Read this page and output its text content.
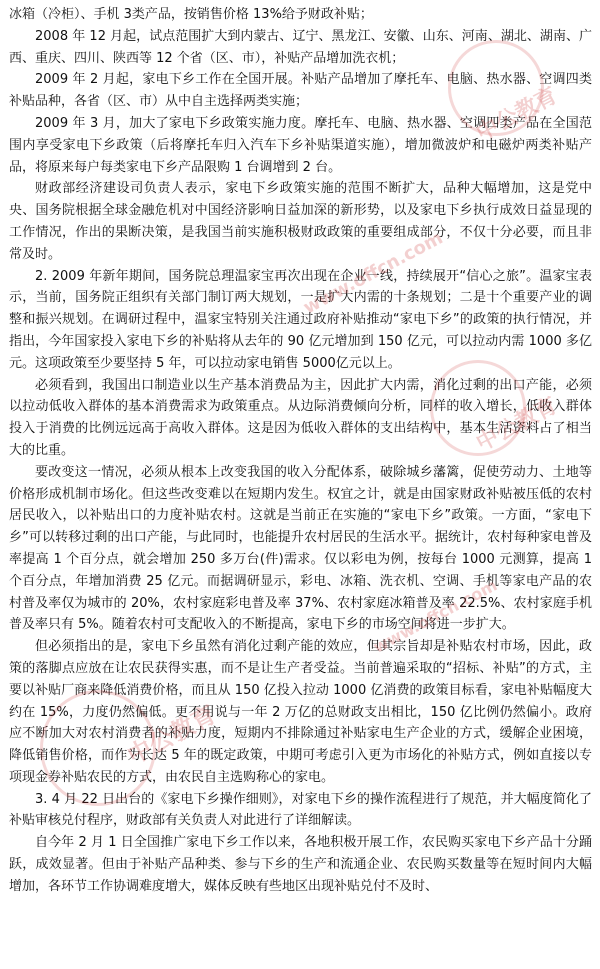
冰箱（冷柜）、手机 3类产品，按销售价格 13%给予财政补贴；

2008 年 12 月起，试点范围扩大到内蒙古、辽宁、黑龙江、安徽、山东、河南、湖北、湖南、广西、重庆、四川、陕西等 12 个省（区、市），补贴产品增加洗衣机；

2009 年 2 月起，家电下乡工作在全国开展。补贴产品增加了摩托车、电脑、热水器、空调四类补贴品种，各省（区、市）从中自主选择两类实施；

2009 年 3 月，加大了家电下乡政策实施力度。摩托车、电脑、热水器、空调四类产品在全国范围内享受家电下乡政策（后将摩托车归入汽车下乡补贴渠道实施），增加微波炉和电磁炉两类补贴产品，将原来每户每类家电下乡产品限购 1 台调增到 2 台。

财政部经济建设司负责人表示，家电下乡政策实施的范围不断扩大，品种大幅增加，这是党中央、国务院根据全球金融危机对中国经济影响日益加深的新形势，以及家电下乡执行成效日益显现的工作情况，作出的果断决策，是我国当前实施积极财政政策的重要组成部分，不仅十分必要，而且非常及时。

2. 2009 年新年期间，国务院总理温家宝再次出现在企业一线，持续展开“信心之旅”。温家宝表示，当前，国务院正组织有关部门制订两大规划，一是扩大内需的十条规划；二是十个重要产业的调整和振兴规划。在调研过程中，温家宝特别关注通过政府补贴推动“家电下乡”的政策的执行情况，并指出，今年国家投入家电下乡的补贴将从去年的 90 亿元增加到 150 亿元，可以拉动内需 1000 多亿元。这项政策至少要坚持 5 年，可以拉动家电销售 5000亿元以上。

必须看到，我国出口制造业以生产基本消费品为主，因此扩大内需，消化过剩的出口产能，必须以拉动低收入群体的基本消费需求为政策重点。从边际消费倾向分析，同样的收入增长，低收入群体投入于消费的比例远远高于高收入群体。这是因为低收入群体的支出结构中，基本生活资料占了相当大的比重。

要改变这一情况，必须从根本上改变我国的收入分配体系，破除城乡藩篱，促使劳动力、土地等价格形成机制市场化。但这些改变难以在短期内发生。权宜之计，就是由国家财政补贴被压低的农村居民收入，以补贴出口的力度补贴农村。这就是当前正在实施的“家电下乡”政策。一方面，“家电下乡”可以转移过剩的出口产能，与此同时，也能提升农村居民的生活水平。据统计，农村每种家电普及率提高 1 个百分点，就会增加 250 多万台(件)需求。仅以彩电为例，按每台 1000 元测算，提高 1 个百分点，年增加消费 25 亿元。而据调研显示，彩电、冰箱、洗衣机、空调、手机等家电产品的农村普及率仅为城市的 20%，农村家庭彩电普及率 37%、农村家庭冰箱普及率 22.5%、农村家庭手机普及率只有 5%。随着农村可支配收入的不断提高，家电下乡的市场空间将进一步扩大。

但必须指出的是，家电下乡虽然有消化过剩产能的效应，但其宗旨却是补贴农村市场，因此，政策的落脚点应放在让农民获得实惠，而不是让生产者受益。当前普遍采取的“招标、补贴”的方式，主要以补贴厂商来降低消费价格，而且从 150 亿投入拉动 1000 亿消费的政策目标看，家电补贴幅度大约在 15%，力度仍然偏低。更不用说与一年 2 万亿的总财政支出相比，150 亿比例仍然偏小。政府应不断加大对农村消费者的补贴力度，短期内不排除通过补贴家电生产企业的方式，缓解企业困境，降低销售价格，而作为长达 5 年的既定政策，中期可考虑引入更为市场化的补贴方式，例如直接以专项现金券补贴农民的方式，由农民自主选购称心的家电。

3. 4 月 22 日出台的《家电下乡操作细则》，对家电下乡的操作流程进行了规范，并大幅度简化了补贴审核兑付程序，财政部有关负责人对此进行了详细解读。

自今年 2 月 1 日全国推广家电下乡工作以来，各地积极开展工作，农民购买家电下乡产品十分踊跃，成效显著。但由于补贴产品种类、参与下乡的生产和流通企业、农民购买数量等在短时间内大幅增加，各环节工作协调难度增大，媒体反映有些地区出现补贴兑付不及时、

中公教育
www.offcn.com
中公教育
中公教育
www.offcn.com
